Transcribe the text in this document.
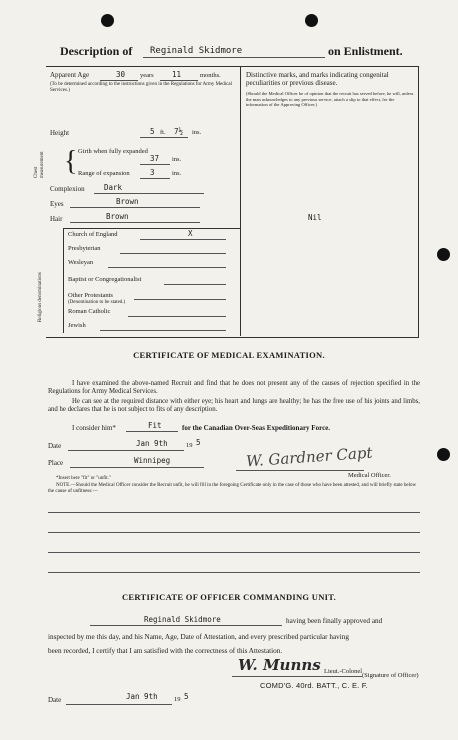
Description of Reginald Skidmore	on Enlistment.
Apparent Age	30 years 11	months.
(To be determined according to the instructions given in the Regulations for Army Medical Services.)
Height	5 ft. 7½ ins.
Chest measurement { Girth when fully expanded
37 ins.
Range of expansion	3	ins.
Complexion	Dark
Eyes	Brown
Hair	Brown
Religious denominations
Church of England	X
Presbyterian
Wesleyan
Baptist or Congregationalist
Other Protestants
(Denomination to be stated.)
Roman Catholic
Jewish
Distinctive marks, and marks indicating congenital peculiarities or previous disease.
(Should the Medical Officer be of opinion that the recruit has served before, he will, unless the man acknowledges to any previous service, attach a slip to that effect, for the information of the Approving Officer.)
Nil
CERTIFICATE OF MEDICAL EXAMINATION.
I have examined the above-named Recruit and find that he does not present any of the causes of rejection specified in the Regulations for Army Medical Services.
He can see at the required distance with either eye; his heart and lungs are healthy; he has the free use of his joints and limbs, and he declares that he is not subject to fits of any description.
I consider him*	Fit	for the Canadian Over-Seas Expeditionary Force.
Date	Jan 9th	19 5
Place	Winnipeg	W. Gardner Capt
Medical Officer.
*Insert here "fit" or "unfit."
NOTE.—Should the Medical Officer consider the Recruit unfit, he will fill in the foregoing Certificate only in the case of those who have been attested, and will briefly state below the cause of unfitness:—
CERTIFICATE OF OFFICER COMMANDING UNIT.
Reginald Skidmore	having been finally approved and
inspected by me this day, and his Name, Age, Date of Attestation, and every prescribed particular having
been recorded, I certify that I am satisfied with the correctness of this Attestation.
W. Munns Lieut.-Colonel
(Signature of Officer)
COMD'G. 40rd. BATT., C. E. F.
Date	Jan 9th	19 5
